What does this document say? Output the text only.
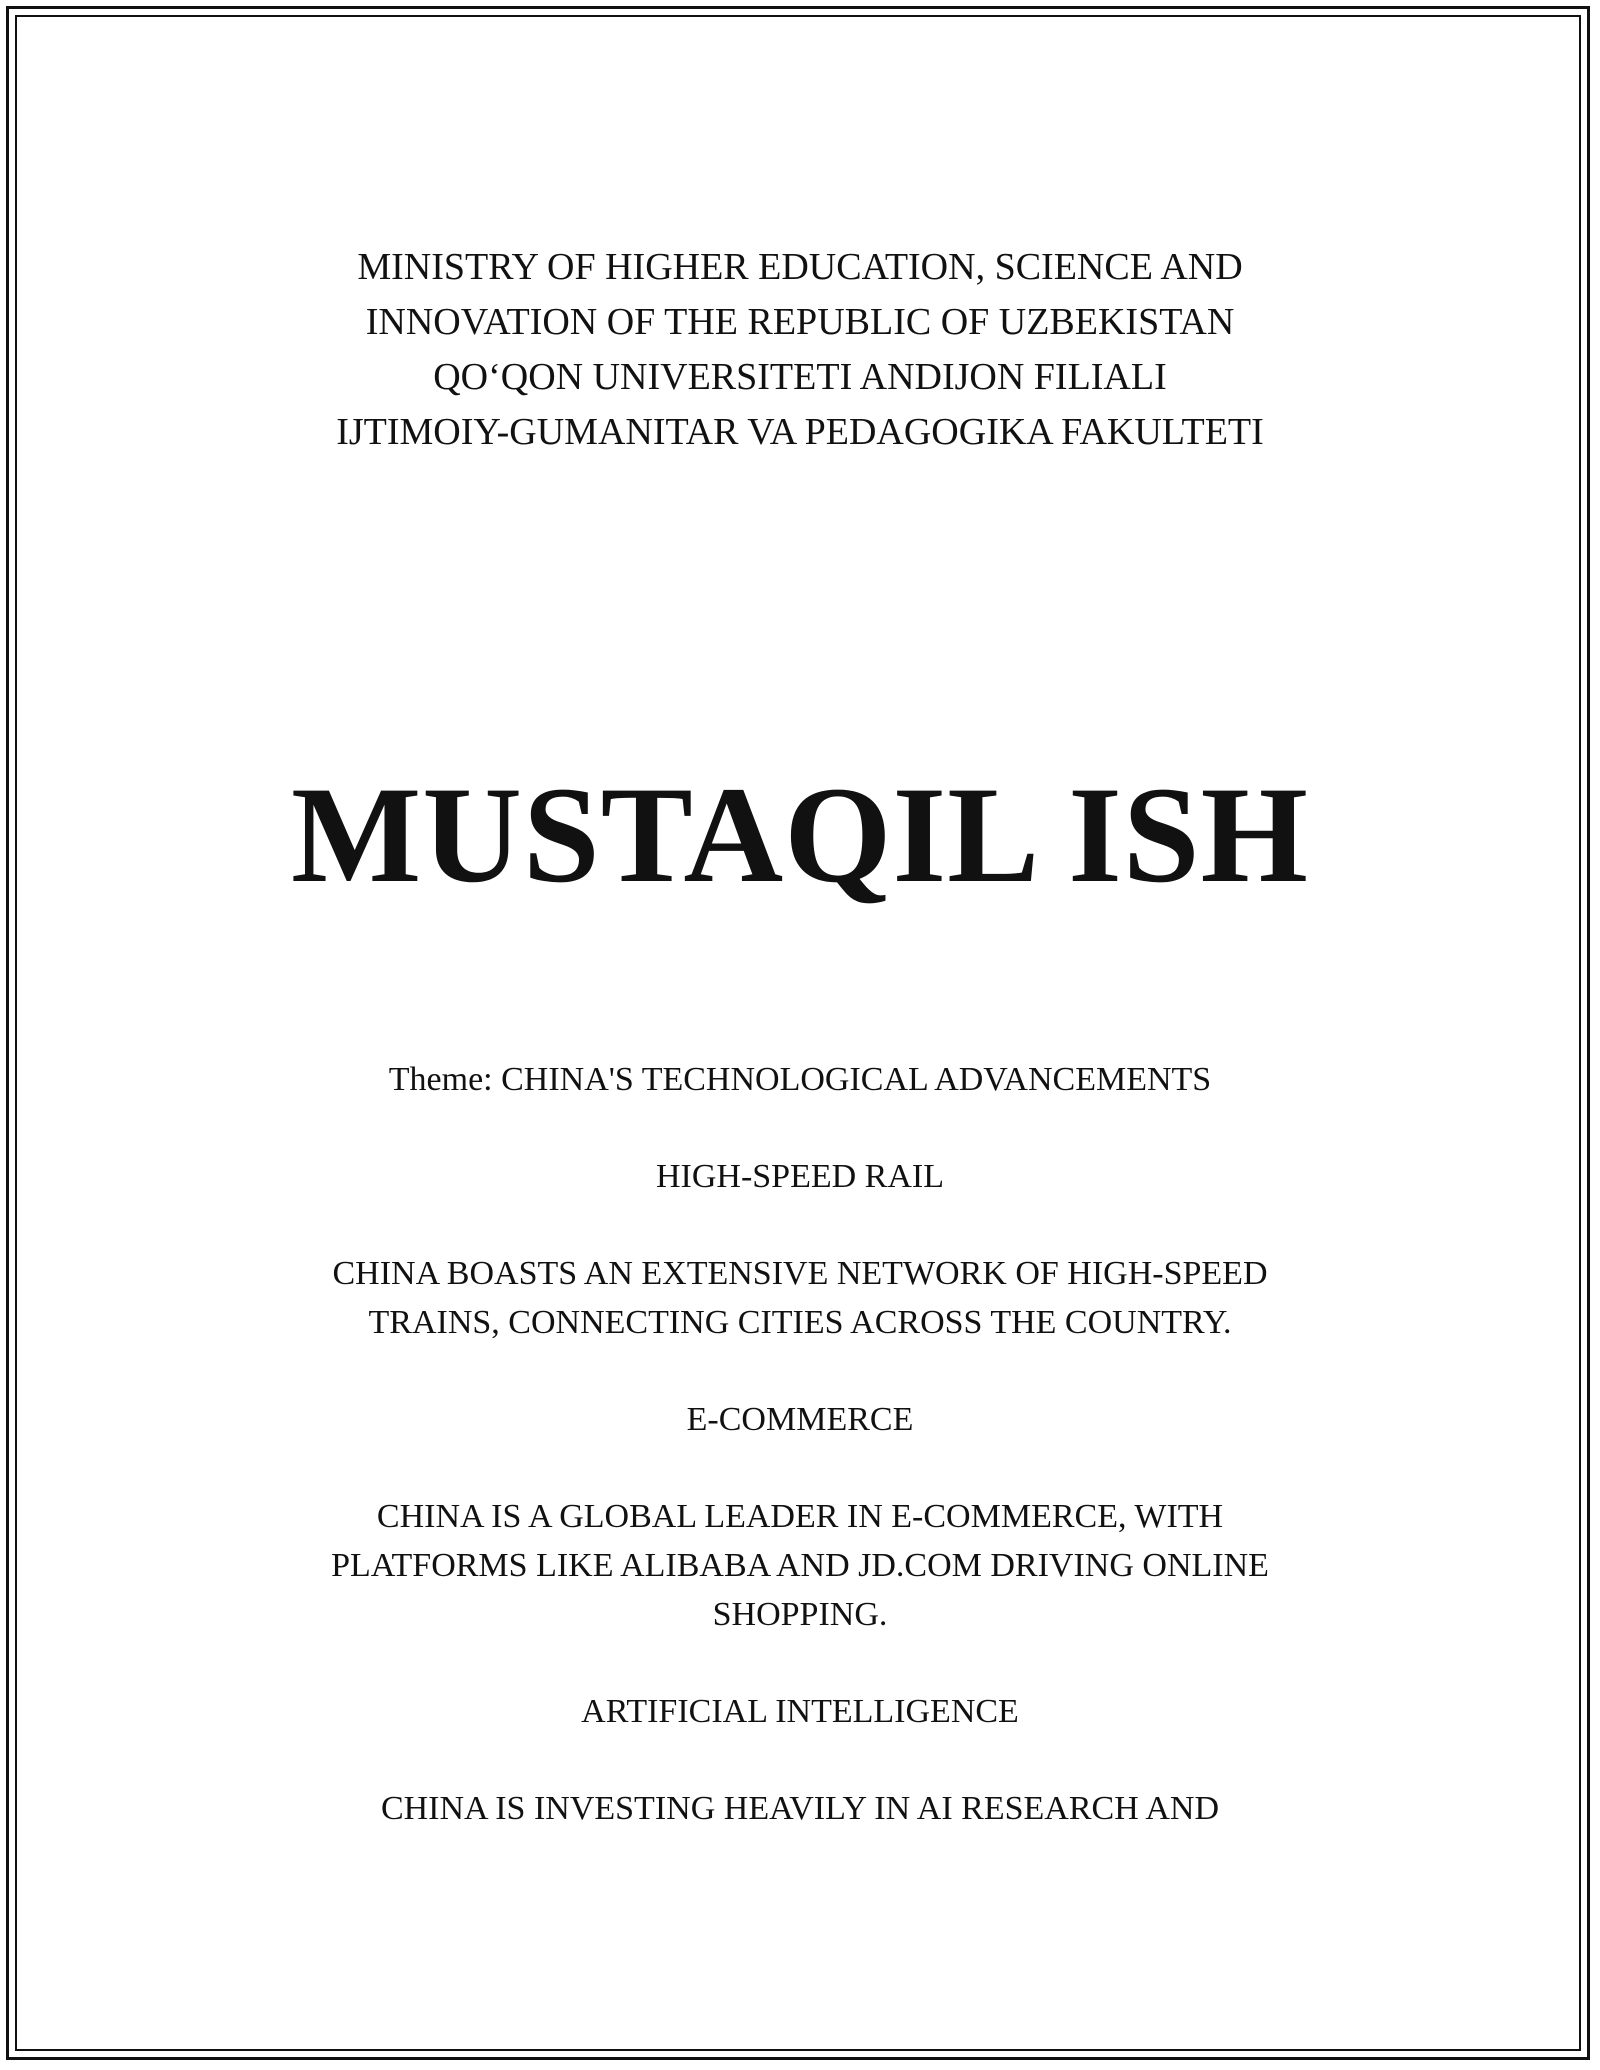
MINISTRY OF HIGHER EDUCATION, SCIENCE AND
INNOVATION OF THE REPUBLIC OF UZBEKISTAN
QO‘QON UNIVERSITETI ANDIJON FILIALI
IJTIMOIY-GUMANITAR VA PEDAGOGIKA FAKULTETI
MUSTAQIL ISH

Theme: CHINA'S TECHNOLOGICAL ADVANCEMENTS

HIGH-SPEED RAIL

CHINA BOASTS AN EXTENSIVE NETWORK OF HIGH-SPEED
TRAINS, CONNECTING CITIES ACROSS THE COUNTRY.

E-COMMERCE

CHINA IS A GLOBAL LEADER IN E-COMMERCE, WITH
PLATFORMS LIKE ALIBABA AND JD.COM DRIVING ONLINE
SHOPPING.

ARTIFICIAL INTELLIGENCE

CHINA IS INVESTING HEAVILY IN AI RESEARCH AND
